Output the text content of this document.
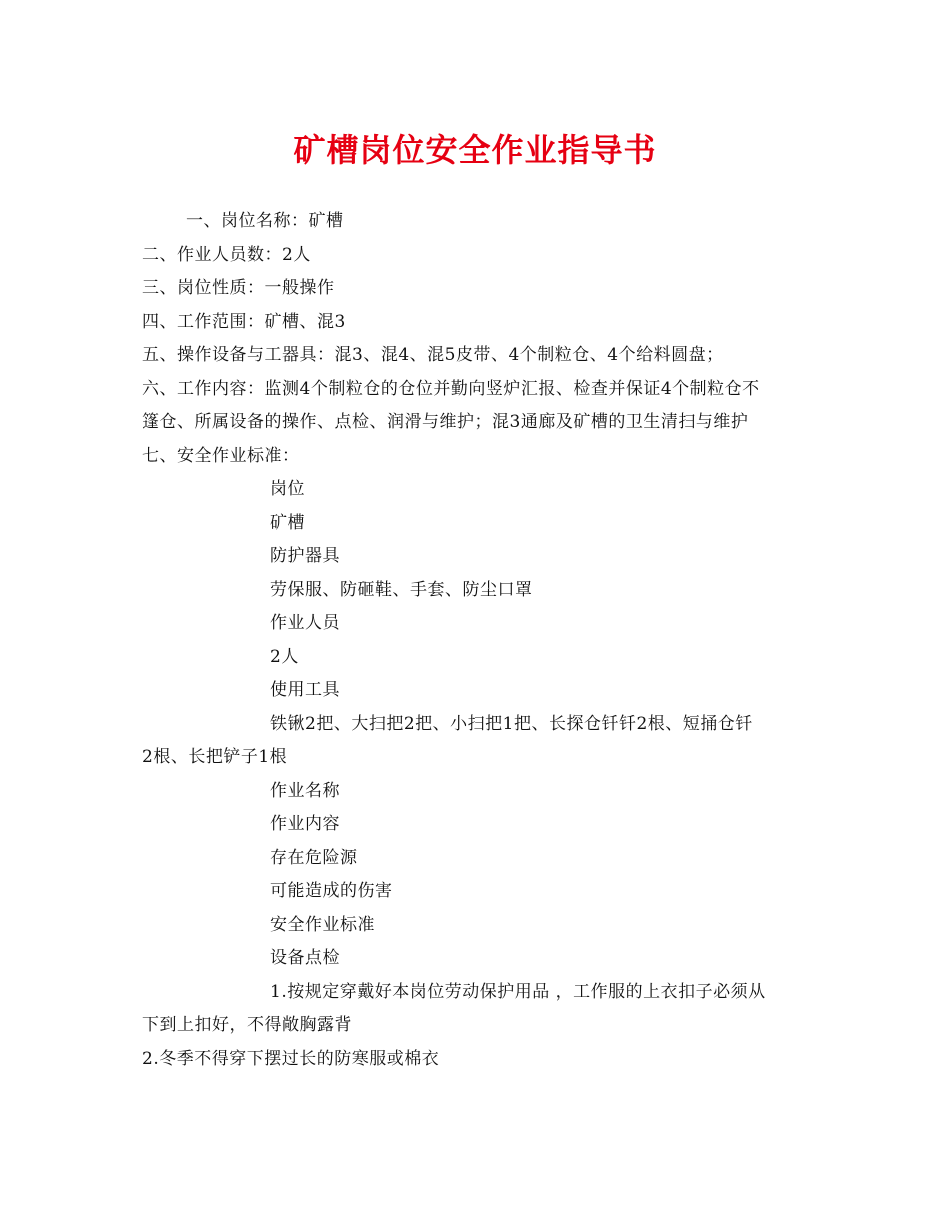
矿槽岗位安全作业指导书
一、岗位名称：矿槽
二、作业人员数：2人
三、岗位性质：一般操作
四、工作范围：矿槽、混3
五、操作设备与工器具：混3、混4、混5皮带、4个制粒仓、4个给料圆盘；
六、工作内容：监测4个制粒仓的仓位并勤向竖炉汇报、检查并保证4个制粒仓不
篷仓、所属设备的操作、点检、润滑与维护；混3通廊及矿槽的卫生清扫与维护
七、安全作业标准：
岗位
矿槽
防护器具
劳保服、防砸鞋、手套、防尘口罩
作业人员
2人
使用工具
铁锹2把、大扫把2把、小扫把1把、长探仓钎钎2根、短捅仓钎
2根、长把铲子1根
作业名称
作业内容
存在危险源
可能造成的伤害
安全作业标准
设备点检
1.按规定穿戴好本岗位劳动保护用品 ，工作服的上衣扣子必须从
下到上扣好，不得敞胸露背
2.冬季不得穿下摆过长的防寒服或棉衣
